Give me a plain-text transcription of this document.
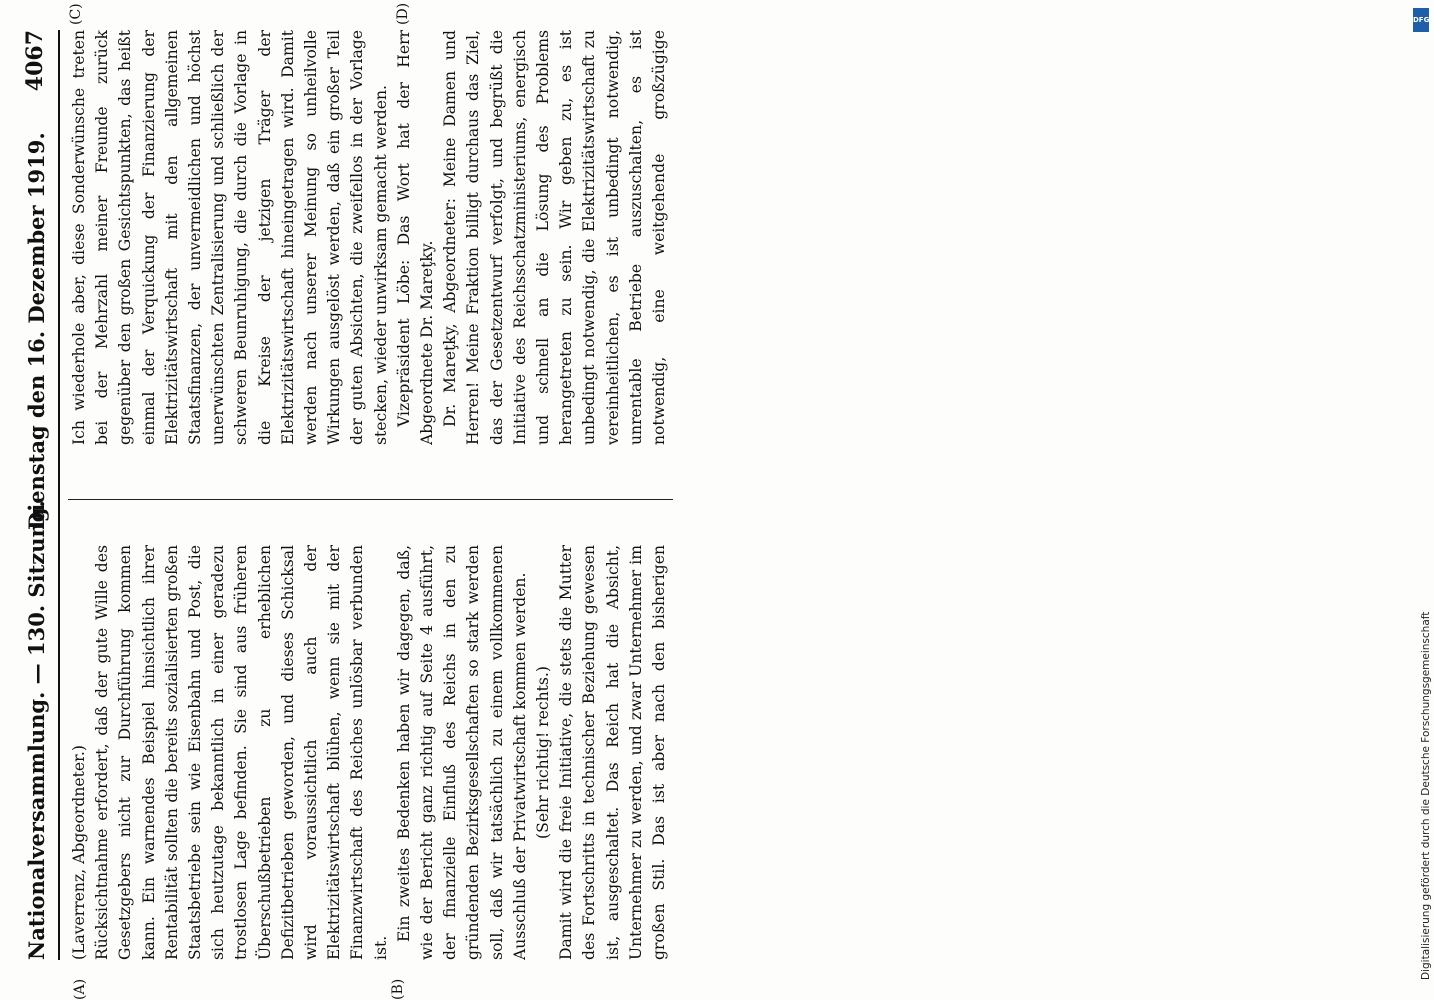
Nationalversammlung. — 130. Sitzung.
Dienstag den 16. Dezember 1919.
4067
(A)	(B)
(C)	(D)

(Laverrenz, Abgeordneter.) Rücksichtnahme erfordert, daß der gute Wille des Gesetzgebers nicht zur Durchführung kommen kann. Ein warnendes Beispiel hinsichtlich ihrer Rentabilität sollten die bereits sozialisierten großen Staatsbetriebe sein wie Eisenbahn und Post, die sich heutzutage bekanntlich in einer geradezu trostlosen Lage befinden. Sie sind aus früheren Überschußbetrieben zu erheblichen Defizitbetrieben geworden, und dieses Schicksal wird voraussichtlich auch der Elektrizitätswirtschaft blühen, wenn sie mit der Finanzwirtschaft des Reiches unlösbar verbunden ist.

Ein zweites Bedenken haben wir dagegen, daß, wie der Bericht ganz richtig auf Seite 4 ausführt, der finanzielle Einfluß des Reichs in den zu gründenden Bezirksgesellschaften so stark werden soll, daß wir tatsächlich zu einem vollkommenen Ausschluß der Privatwirtschaft kommen werden. (Sehr richtig! rechts.)

Damit wird die freie Initiative, die stets die Mutter des Fortschritts in technischer Beziehung gewesen ist, ausgeschaltet. Das Reich hat die Absicht, Unternehmer zu werden, und zwar Unternehmer im großen Stil. Das ist aber nach den bisherigen

Ich wiederhole aber, diese Sonderwünsche treten bei der Mehrzahl meiner Freunde zurück gegenüber den großen Gesichtspunkten, das heißt einmal der Verquickung der Finanzierung der Elektrizitätswirtschaft mit den allgemeinen Staatsfinanzen, der unvermeidlichen und höchst unerwünschten Zentralisierung und schließlich der schweren Beunruhigung, die durch die Vorlage in die Kreise der jetzigen Träger der Elektrizitätswirtschaft hineingetragen wird. Damit werden nach unserer Meinung so unheilvolle Wirkungen ausgelöst werden, daß ein großer Teil der guten Absichten, die zweifellos in der Vorlage stecken, wieder unwirksam gemacht werden. Vizepräsident Löbe: Das Wort hat der Herr Abgeordnete Dr. Mareţky. Dr. Mareţky, Abgeordneter: Meine Damen und Herren! Meine Fraktion billigt durchaus das Ziel, das der Gesetzentwurf verfolgt, und begrüßt die Initiative des Reichsschatzministeriums, energisch und schnell an die Lösung des Problems herangetreten zu sein. Wir geben zu, es ist unbedingt notwendig, die Elektrizitätswirtschaft zu vereinheitlichen, es ist unbedingt notwendig, unrentable Betriebe auszuschalten, es ist notwendig, eine weitgehende großzügige

DFG
Digitalisierung gefördert durch die Deutsche Forschungsgemeinschaft
